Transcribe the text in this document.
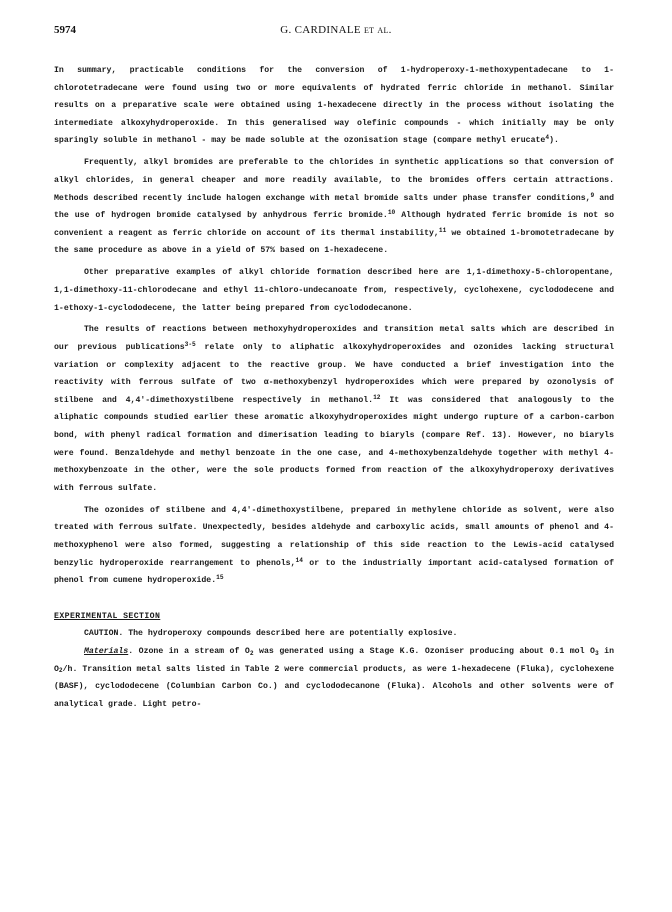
5974	G. CARDINALE et al.

In summary, practicable conditions for the conversion of 1-hydroperoxy-1-methoxypentadecane to 1-chlorotetradecane were found using two or more equivalents of hydrated ferric chloride in methanol. Similar results on a preparative scale were obtained using 1-hexadecene directly in the process without isolating the intermediate alkoxyhydroperoxide. In this generalised way olefinic compounds - which initially may be only sparingly soluble in methanol - may be made soluble at the ozonisation stage (compare methyl erucate$^4$).

Frequently, alkyl bromides are preferable to the chlorides in synthetic applications so that conversion of alkyl chlorides, in general cheaper and more readily available, to the bromides offers certain attractions. Methods described recently include halogen exchange with metal bromide salts under phase transfer conditions,$^9$ and the use of hydrogen bromide catalysed by anhydrous ferric bromide.$^{10}$ Although hydrated ferric bromide is not so convenient a reagent as ferric chloride on account of its thermal instability,$^{11}$ we obtained 1-bromotetradecane by the same procedure as above in a yield of 57% based on 1-hexadecene.

Other preparative examples of alkyl chloride formation described here are 1,1-dimethoxy-5-chloropentane, 1,1-dimethoxy-11-chlorodecane and ethyl 11-chloro-undecanoate from, respectively, cyclohexene, cyclododecene and 1-ethoxy-1-cyclododecene, the latter being prepared from cyclododecanone.

The results of reactions between methoxyhydroperoxides and transition metal salts which are described in our previous publications$^{3-5}$ relate only to aliphatic alkoxyhydroperoxides and ozonides lacking structural variation or complexity adjacent to the reactive group. We have conducted a brief investigation into the reactivity with ferrous sulfate of two α-methoxybenzyl hydroperoxides which were prepared by ozonolysis of stilbene and 4,4'-dimethoxystilbene respectively in methanol.$^{12}$ It was considered that analogously to the aliphatic compounds studied earlier these aromatic alkoxyhydroperoxides might undergo rupture of a carbon-carbon bond, with phenyl radical formation and dimerisation leading to biaryls (compare Ref. 13). However, no biaryls were found. Benzaldehyde and methyl benzoate in the one case, and 4-methoxybenzaldehyde together with methyl 4-methoxybenzoate in the other, were the sole products formed from reaction of the alkoxyhydroperoxy derivatives with ferrous sulfate.

The ozonides of stilbene and 4,4'-dimethoxystilbene, prepared in methylene chloride as solvent, were also treated with ferrous sulfate. Unexpectedly, besides aldehyde and carboxylic acids, small amounts of phenol and 4-methoxyphenol were also formed, suggesting a relationship of this side reaction to the Lewis-acid catalysed benzylic hydroperoxide rearrangement to phenols,$^{14}$ or to the industrially important acid-catalysed formation of phenol from cumene hydroperoxide.$^{15}$

EXPERIMENTAL SECTION

CAUTION. The hydroperoxy compounds described here are potentially explosive.

Materials. Ozone in a stream of $O_2$ was generated using a Stage K.G. Ozoniser producing about 0.1 mol $O_3$ in $O_2/h$. Transition metal salts listed in Table 2 were commercial products, as were 1-hexadecene (Fluka), cyclohexene (BASF), cyclododecene (Columbian Carbon Co.) and cyclododecanone (Fluka). Alcohols and other solvents were of analytical grade. Light petro-
